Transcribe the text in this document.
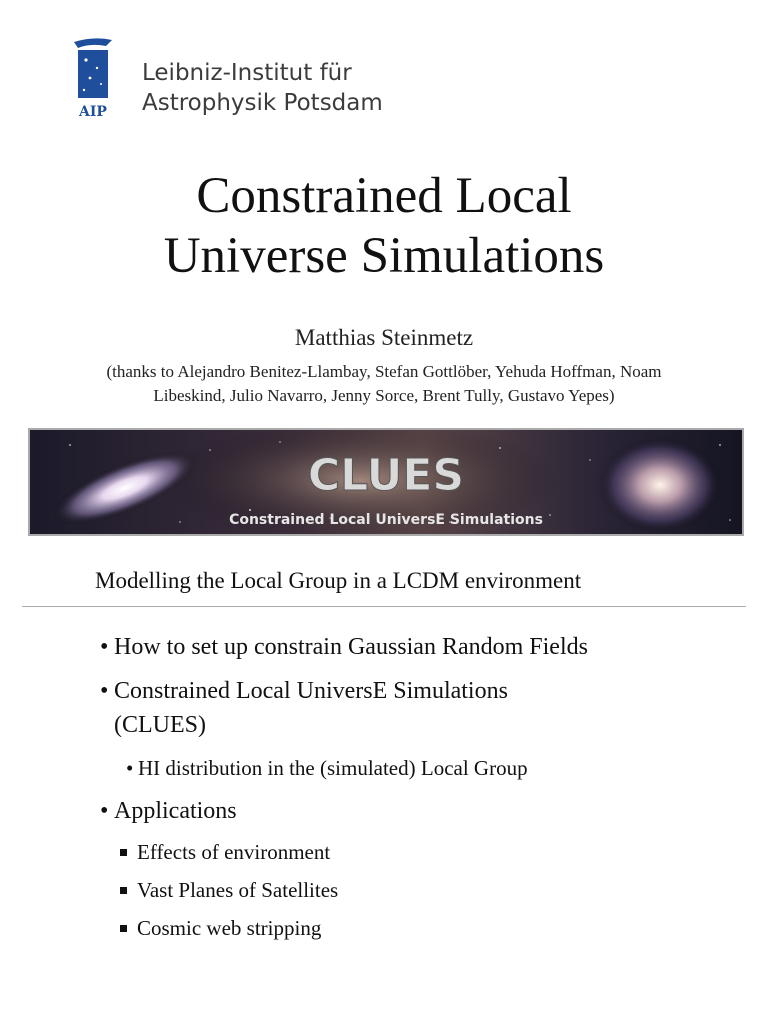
AIP
Leibniz-Institut für
Astrophysik Potsdam
Constrained Local
Universe Simulations
Matthias Steinmetz
(thanks to Alejandro Benitez-Llambay, Stefan Gottlöber, Yehuda Hoffman, Noam
Libeskind, Julio Navarro, Jenny Sorce, Brent Tully, Gustavo Yepes)
CLUES
Constrained Local UniversE Simulations
Modelling the Local Group in a LCDM environment
• How to set up constrain Gaussian Random Fields
• Constrained Local UniversE Simulations
(CLUES)
• HI distribution in the (simulated) Local Group
• Applications
Effects of environment
Vast Planes of Satellites
Cosmic web stripping
